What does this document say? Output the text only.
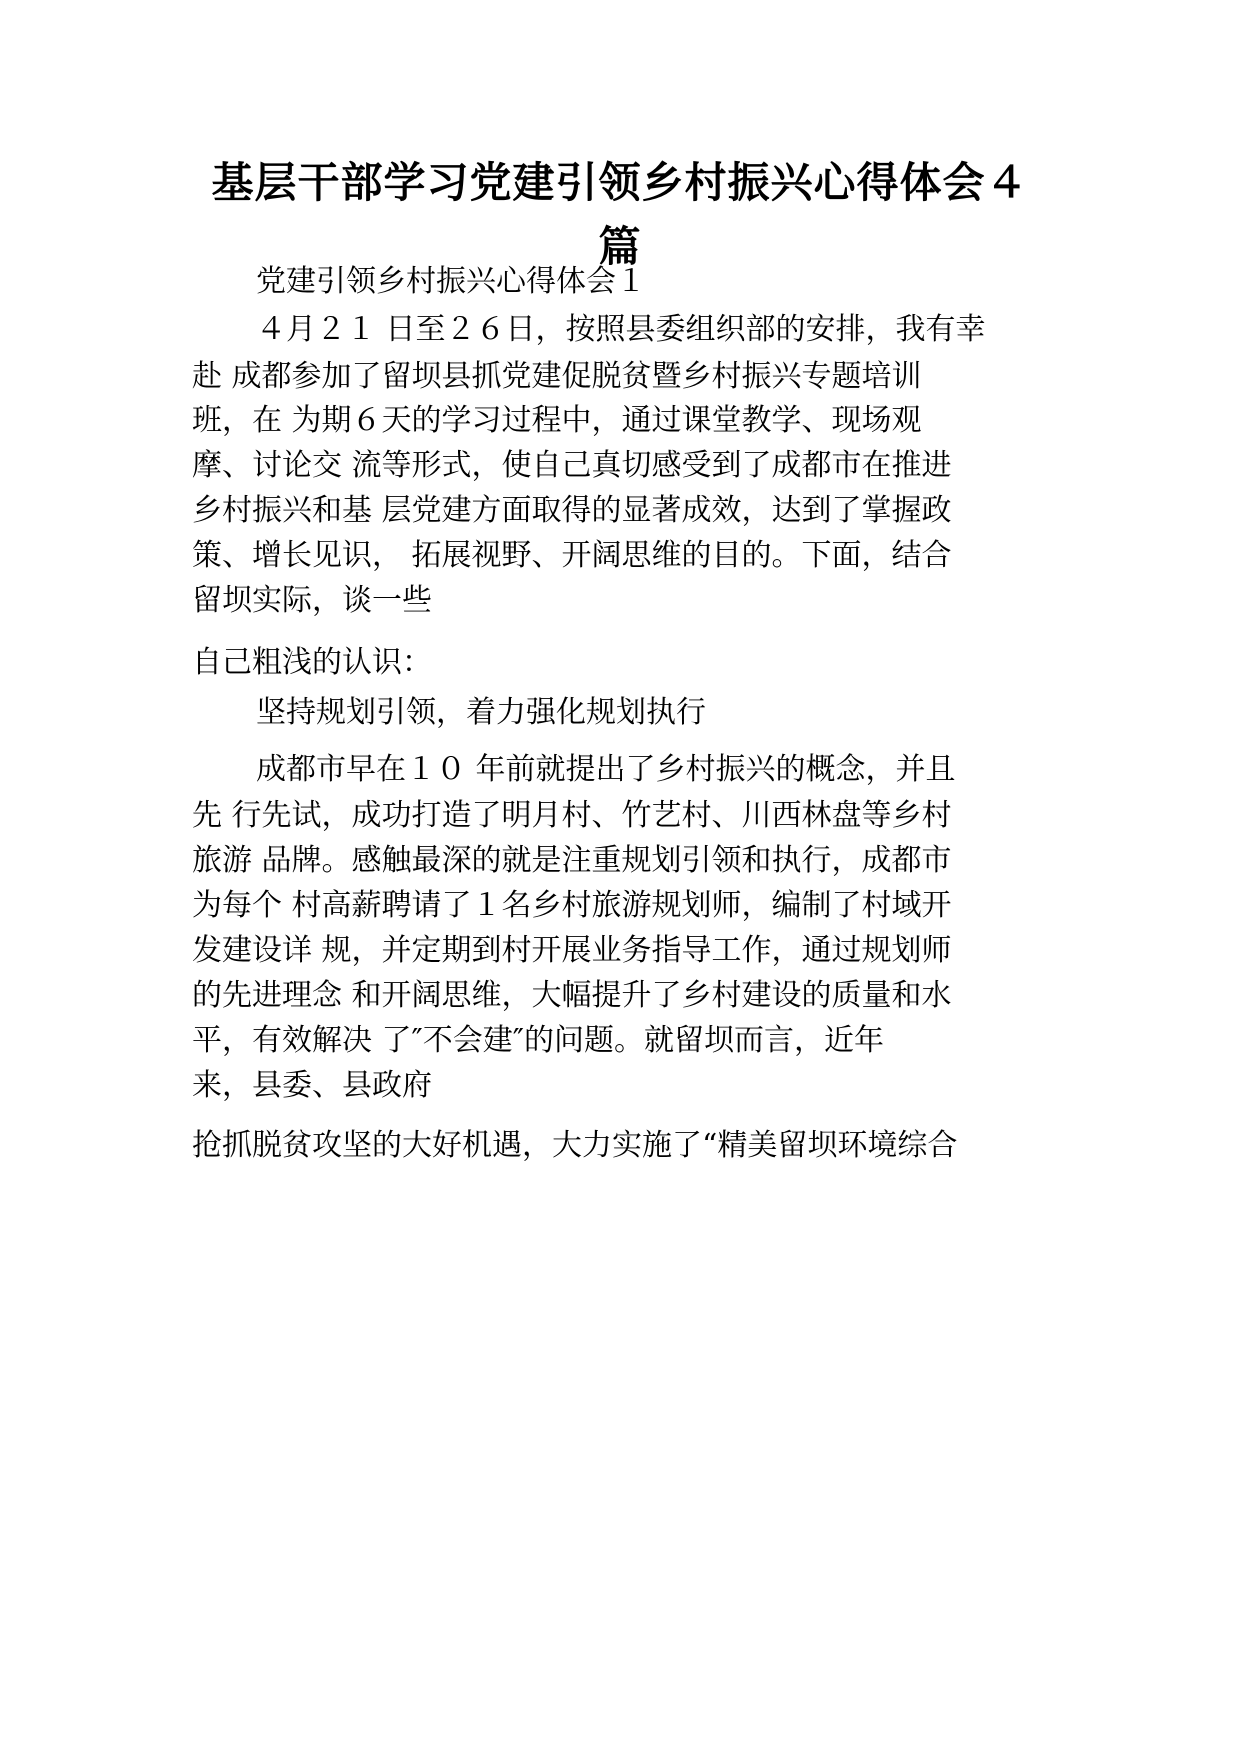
基层干部学习党建引领乡村振兴心得体会４
篇

党建引领乡村振兴心得体会１

４月２１ 日至２６日，按照县委组织部的安排，我有幸

赴 成都参加了留坝县抓党建促脱贫暨乡村振兴专题培训

班，在 为期６天的学习过程中，通过课堂教学、现场观

摩、讨论交 流等形式，使自己真切感受到了成都市在推进

乡村振兴和基 层党建方面取得的显著成效，达到了掌握政

策、增长见识， 拓展视野、开阔思维的目的。下面，结合

留坝实际，谈一些

自己粗浅的认识：

坚持规划引领，着力强化规划执行

成都市早在１０ 年前就提出了乡村振兴的概念，并且

先 行先试，成功打造了明月村、竹艺村、川西林盘等乡村

旅游 品牌。感触最深的就是注重规划引领和执行，成都市

为每个 村高薪聘请了１名乡村旅游规划师，编制了村域开

发建设详 规，并定期到村开展业务指导工作，通过规划师

的先进理念 和开阔思维，大幅提升了乡村建设的质量和水

平，有效解决 了″不会建″的问题。就留坝而言，近年

来，县委、县政府

抢抓脱贫攻坚的大好机遇，大力实施了“精美留坝环境综合
